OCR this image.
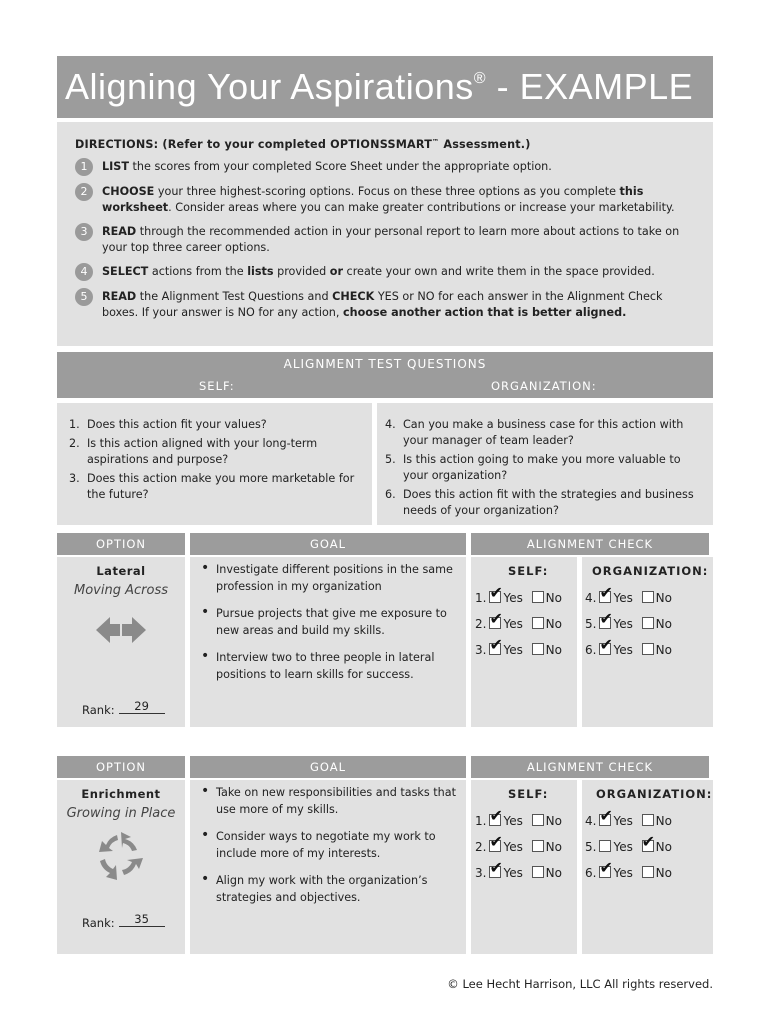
Aligning Your Aspirations® - EXAMPLE
DIRECTIONS: (Refer to your completed OPTIONSSMART™ Assessment.)
1	LIST the scores from your completed Score Sheet under the appropriate option.
2	CHOOSE your three highest-scoring options. Focus on these three options as you complete this worksheet. Consider areas where you can make greater contributions or increase your marketability.
3	READ through the recommended action in your personal report to learn more about actions to take on your top three career options.
4	SELECT actions from the lists provided or create your own and write them in the space provided.
5	READ the Alignment Test Questions and CHECK YES or NO for each answer in the Alignment Check boxes. If your answer is NO for any action, choose another action that is better aligned.
ALIGNMENT TEST QUESTIONS
SELF:	ORGANIZATION:
1. Does this action fit your values?
2. Is this action aligned with your long-term aspirations and purpose?
3. Does this action make you more marketable for the future?
4. Can you make a business case for this action with your manager of team leader?
5. Is this action going to make you more valuable to your organization?
6. Does this action fit with the strategies and business needs of your organization?
OPTION	GOAL	ALIGNMENT CHECK
Lateral
Moving Across
Rank: 29
• Investigate different positions in the same profession in my organization
• Pursue projects that give me exposure to new areas and build my skills.
• Interview two to three people in lateral positions to learn skills for success.
SELF:	ORGANIZATION:
1. ✔ Yes No
2. ✔ Yes No
3. ✔ Yes No
4. ✔ Yes No
5. ✔ Yes No
6. ✔ Yes No
OPTION	GOAL	ALIGNMENT CHECK
Enrichment
Growing in Place
Rank: 35
• Take on new responsibilities and tasks that use more of my skills.
• Consider ways to negotiate my work to include more of my interests.
• Align my work with the organization’s strategies and objectives.
SELF:	ORGANIZATION:
1. ✔ Yes No
2. ✔ Yes No
3. ✔ Yes No
4. ✔ Yes No
5. Yes ✔No
6. ✔ Yes No
© Lee Hecht Harrison, LLC All rights reserved.
